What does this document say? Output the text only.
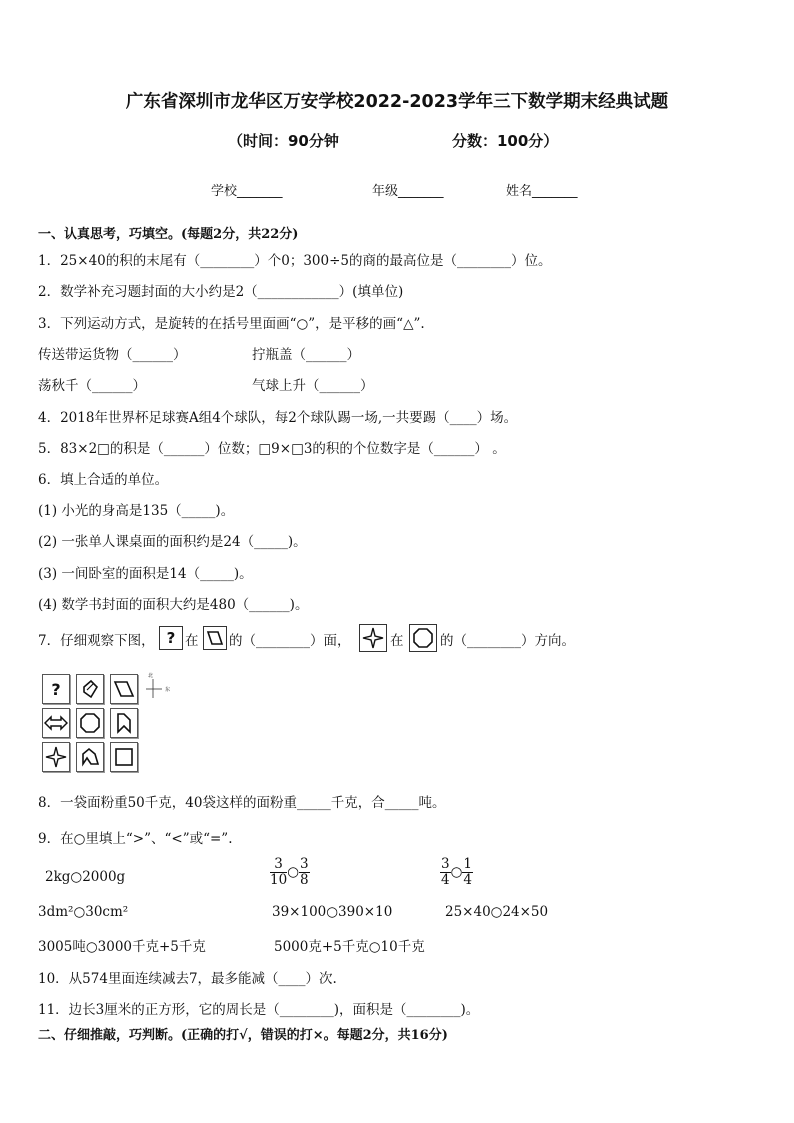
广东省深圳市龙华区万安学校2022-2023学年三下数学期末经典试题
（时间：90分钟	分数：100分）
学校_______	年级_______	姓名_______
一、认真思考，巧填空。(每题2分，共22分)
1．25×40的积的末尾有（________）个0；300÷5的商的最高位是（________）位。
2．数学补充习题封面的大小约是2（____________）(填单位)
3．下列运动方式，是旋转的在括号里面画“○”，是平移的画“△”.
传送带运货物（______）	拧瓶盖（______）
荡秋千（______）	气球上升（______）
4．2018年世界杯足球赛A组4个球队，每2个球队踢一场,一共要踢（____）场。
5．83×2□的积是（______）位数；□9×□3的积的个位数字是（______） 。
6．填上合适的单位。
(1) 小光的身高是135（_____)。
(2) 一张单人课桌面的面积约是24（_____)。
(3) 一间卧室的面积是14（_____)。
(4) 数学书封面的面积大约是480（______)。
7．仔细观察下图， ? 在 的（________）面，	在	的（________）方向。
?
北
东
8．一袋面粉重50千克，40袋这样的面粉重_____千克，合_____吨。
9．在○里填上“>”、“<”或“=”.
2kg○2000g	$\frac{3}{10}$ ○ $\frac{3}{8}$	$\frac{3}{4}$ ○ $\frac{1}{4}$
3dm²○30cm²	39×100○390×10	25×40○24×50
3005吨○3000千克+5千克	5000克+5千克○10千克
10．从574里面连续减去7，最多能减（____）次.
11．边长3厘米的正方形，它的周长是（________)，面积是（________)。
二、仔细推敲，巧判断。(正确的打√，错误的打×。每题2分，共16分)
